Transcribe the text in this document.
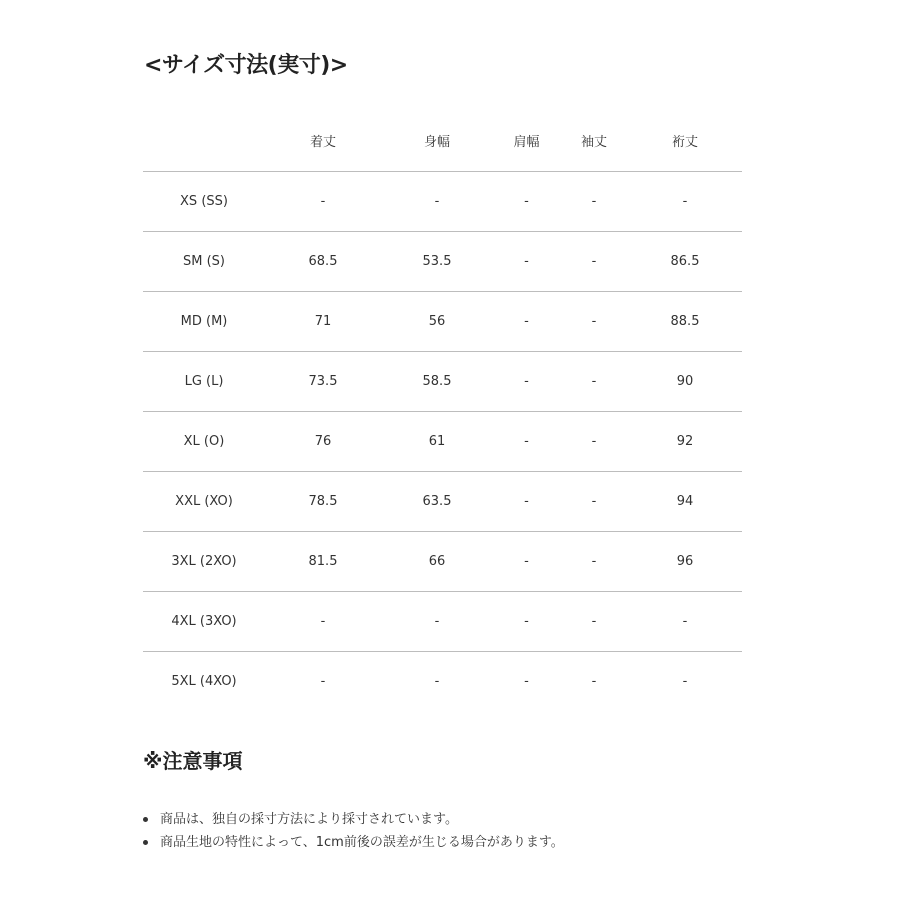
<サイズ寸法(実寸)>
	着丈	身幅	肩幅	袖丈	裄丈
XS (SS)	-	-	-	-	-
SM (S)	68.5	53.5	-	-	86.5
MD (M)	71	56	-	-	88.5
LG (L)	73.5	58.5	-	-	90
XL (O)	76	61	-	-	92
XXL (XO)	78.5	63.5	-	-	94
3XL (2XO)	81.5	66	-	-	96
4XL (3XO)	-	-	-	-	-
5XL (4XO)	-	-	-	-	-
※注意事項
商品は、独自の採寸方法により採寸されています。
商品生地の特性によって、1cm前後の誤差が生じる場合があります。
